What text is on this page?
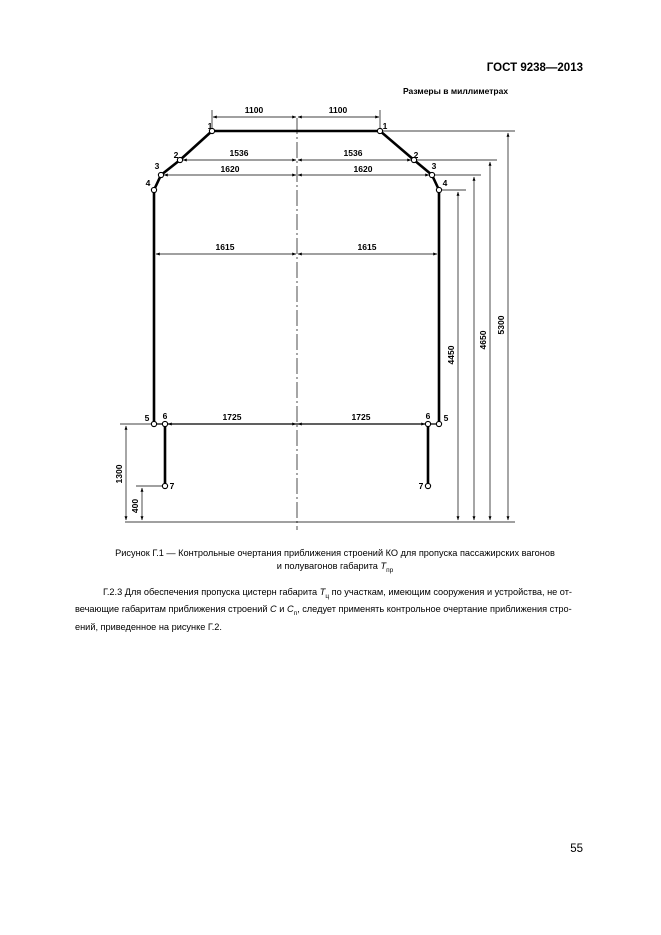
ГОСТ 9238—2013
Размеры в миллиметрах
1100	1100
1536	1536
1620	1620
1615	1615
1725	1725
4450
4650
5300
1300
400
1	1
2	2
3	3
4	4
5	5
6	6
7	7
Рисунок Г.1 — Контрольные очертания приближения строений КО для пропуска пассажирских вагонов
и полувагонов габарита $Т_{пр}$
Г.2.3 Для обеспечения пропуска цистерн габарита $Т_ц$ по участкам, имеющим сооружения и устройства, не от-
вечающие габаритам приближения строений С и $С_п$, следует применять контрольное очертание приближения стро-
ений, приведенное на рисунке Г.2.
55
